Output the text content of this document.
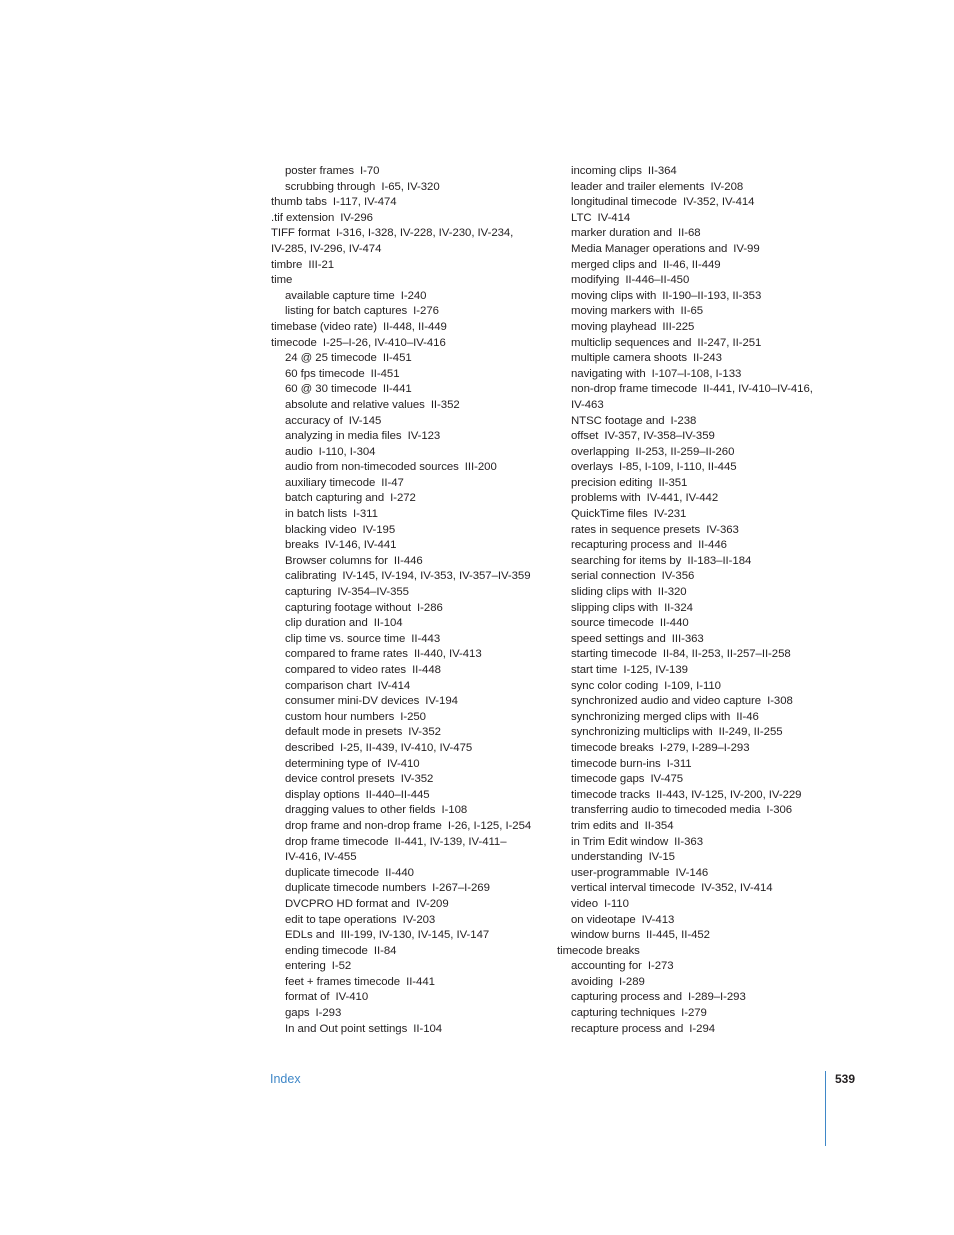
poster frames I-70
scrubbing through I-65, IV-320
thumb tabs I-117, IV-474
.tif extension IV-296
TIFF format I-316, I-328, IV-228, IV-230, IV-234,
IV-285, IV-296, IV-474
timbre III-21
time
available capture time I-240
listing for batch captures I-276
timebase (video rate) II-448, II-449
timecode I-25–I-26, IV-410–IV-416
24 @ 25 timecode II-451
60 fps timecode II-451
60 @ 30 timecode II-441
absolute and relative values II-352
accuracy of IV-145
analyzing in media files IV-123
audio I-110, I-304
audio from non-timecoded sources III-200
auxiliary timecode II-47
batch capturing and I-272
in batch lists I-311
blacking video IV-195
breaks IV-146, IV-441
Browser columns for II-446
calibrating IV-145, IV-194, IV-353, IV-357–IV-359
capturing IV-354–IV-355
capturing footage without I-286
clip duration and II-104
clip time vs. source time II-443
compared to frame rates II-440, IV-413
compared to video rates II-448
comparison chart IV-414
consumer mini-DV devices IV-194
custom hour numbers I-250
default mode in presets IV-352
described I-25, II-439, IV-410, IV-475
determining type of IV-410
device control presets IV-352
display options II-440–II-445
dragging values to other fields I-108
drop frame and non-drop frame I-26, I-125, I-254
drop frame timecode II-441, IV-139, IV-411–
IV-416, IV-455
duplicate timecode II-440
duplicate timecode numbers I-267–I-269
DVCPRO HD format and IV-209
edit to tape operations IV-203
EDLs and III-199, IV-130, IV-145, IV-147
ending timecode II-84
entering I-52
feet + frames timecode II-441
format of IV-410
gaps I-293
In and Out point settings II-104
incoming clips II-364
leader and trailer elements IV-208
longitudinal timecode IV-352, IV-414
LTC IV-414
marker duration and II-68
Media Manager operations and IV-99
merged clips and II-46, II-449
modifying II-446–II-450
moving clips with II-190–II-193, II-353
moving markers with II-65
moving playhead III-225
multiclip sequences and II-247, II-251
multiple camera shoots II-243
navigating with I-107–I-108, I-133
non-drop frame timecode II-441, IV-410–IV-416,
IV-463
NTSC footage and I-238
offset IV-357, IV-358–IV-359
overlapping II-253, II-259–II-260
overlays I-85, I-109, I-110, II-445
precision editing II-351
problems with IV-441, IV-442
QuickTime files IV-231
rates in sequence presets IV-363
recapturing process and II-446
searching for items by II-183–II-184
serial connection IV-356
sliding clips with II-320
slipping clips with II-324
source timecode II-440
speed settings and III-363
starting timecode II-84, II-253, II-257–II-258
start time I-125, IV-139
sync color coding I-109, I-110
synchronized audio and video capture I-308
synchronizing merged clips with II-46
synchronizing multiclips with II-249, II-255
timecode breaks I-279, I-289–I-293
timecode burn-ins I-311
timecode gaps IV-475
timecode tracks II-443, IV-125, IV-200, IV-229
transferring audio to timecoded media I-306
trim edits and II-354
in Trim Edit window II-363
understanding IV-15
user-programmable IV-146
vertical interval timecode IV-352, IV-414
video I-110
on videotape IV-413
window burns II-445, II-452
timecode breaks
accounting for I-273
avoiding I-289
capturing process and I-289–I-293
capturing techniques I-279
recapture process and I-294
Index	539
